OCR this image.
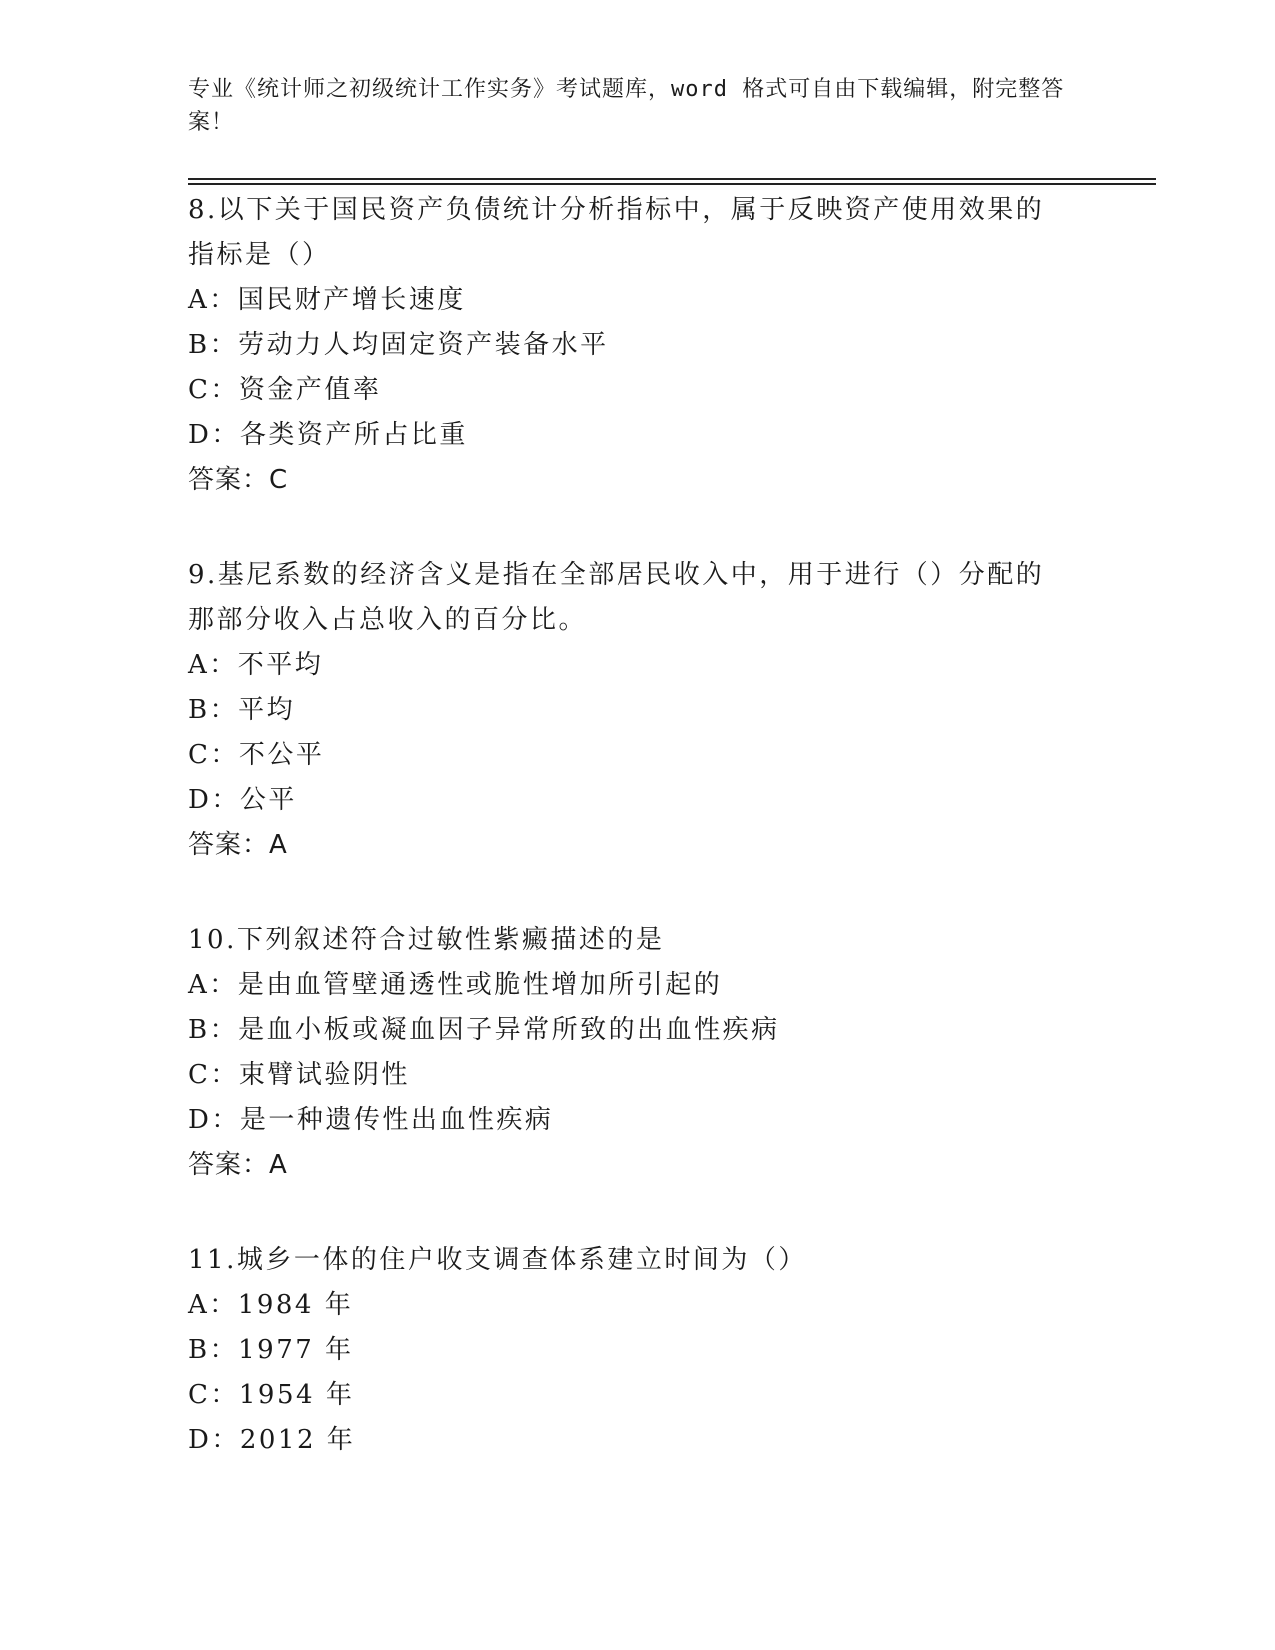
专业《统计师之初级统计工作实务》考试题库，word 格式可自由下载编辑，附完整答案！

8.以下关于国民资产负债统计分析指标中，属于反映资产使用效果的指标是（）

A：国民财产增长速度

B：劳动力人均固定资产装备水平

C：资金产值率

D：各类资产所占比重

答案：C

9.基尼系数的经济含义是指在全部居民收入中，用于进行（）分配的那部分收入占总收入的百分比。

A：不平均

B：平均

C：不公平

D：公平

答案：A

10.下列叙述符合过敏性紫癜描述的是

A：是由血管壁通透性或脆性增加所引起的

B：是血小板或凝血因子异常所致的出血性疾病

C：束臂试验阴性

D：是一种遗传性出血性疾病

答案：A

11.城乡一体的住户收支调查体系建立时间为（）

A：1984 年

B：1977 年

C：1954 年

D：2012 年
